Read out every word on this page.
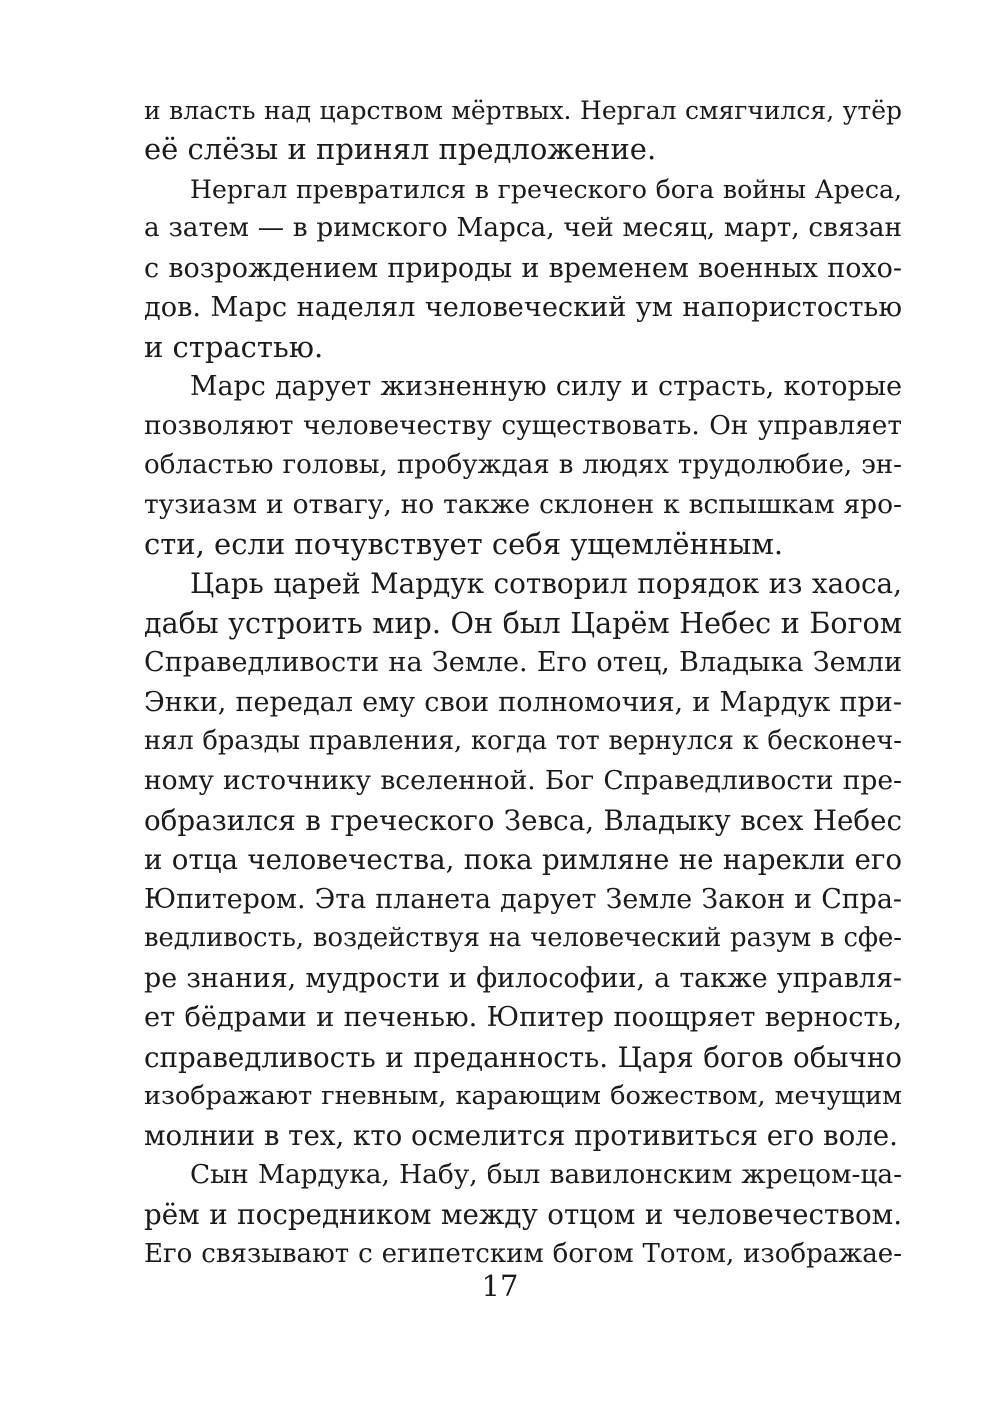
и власть над царством мёртвых. Нергал смягчился, утёр
её слёзы и принял предложение.
Нергал превратился в греческого бога войны Ареса,
а затем — в римского Марса, чей месяц, март, связан
с возрождением природы и временем военных похо-
дов. Марс наделял человеческий ум напористостью
и страстью.
Марс дарует жизненную силу и страсть, которые
позволяют человечеству существовать. Он управляет
областью головы, пробуждая в людях трудолюбие, эн-
тузиазм и отвагу, но также склонен к вспышкам яро-
сти, если почувствует себя ущемлённым.
Царь царей Мардук сотворил порядок из хаоса,
дабы устроить мир. Он был Царём Небес и Богом
Справедливости на Земле. Его отец, Владыка Земли
Энки, передал ему свои полномочия, и Мардук при-
нял бразды правления, когда тот вернулся к бесконеч-
ному источнику вселенной. Бог Справедливости пре-
образился в греческого Зевса, Владыку всех Небес
и отца человечества, пока римляне не нарекли его
Юпитером. Эта планета дарует Земле Закон и Спра-
ведливость, воздействуя на человеческий разум в сфе-
ре знания, мудрости и философии, а также управля-
ет бёдрами и печенью. Юпитер поощряет верность,
справедливость и преданность. Царя богов обычно
изображают гневным, карающим божеством, мечущим
молнии в тех, кто осмелится противиться его воле.
Сын Мардука, Набу, был вавилонским жрецом-ца-
рём и посредником между отцом и человечеством.
Его связывают с египетским богом Тотом, изображае-
17
